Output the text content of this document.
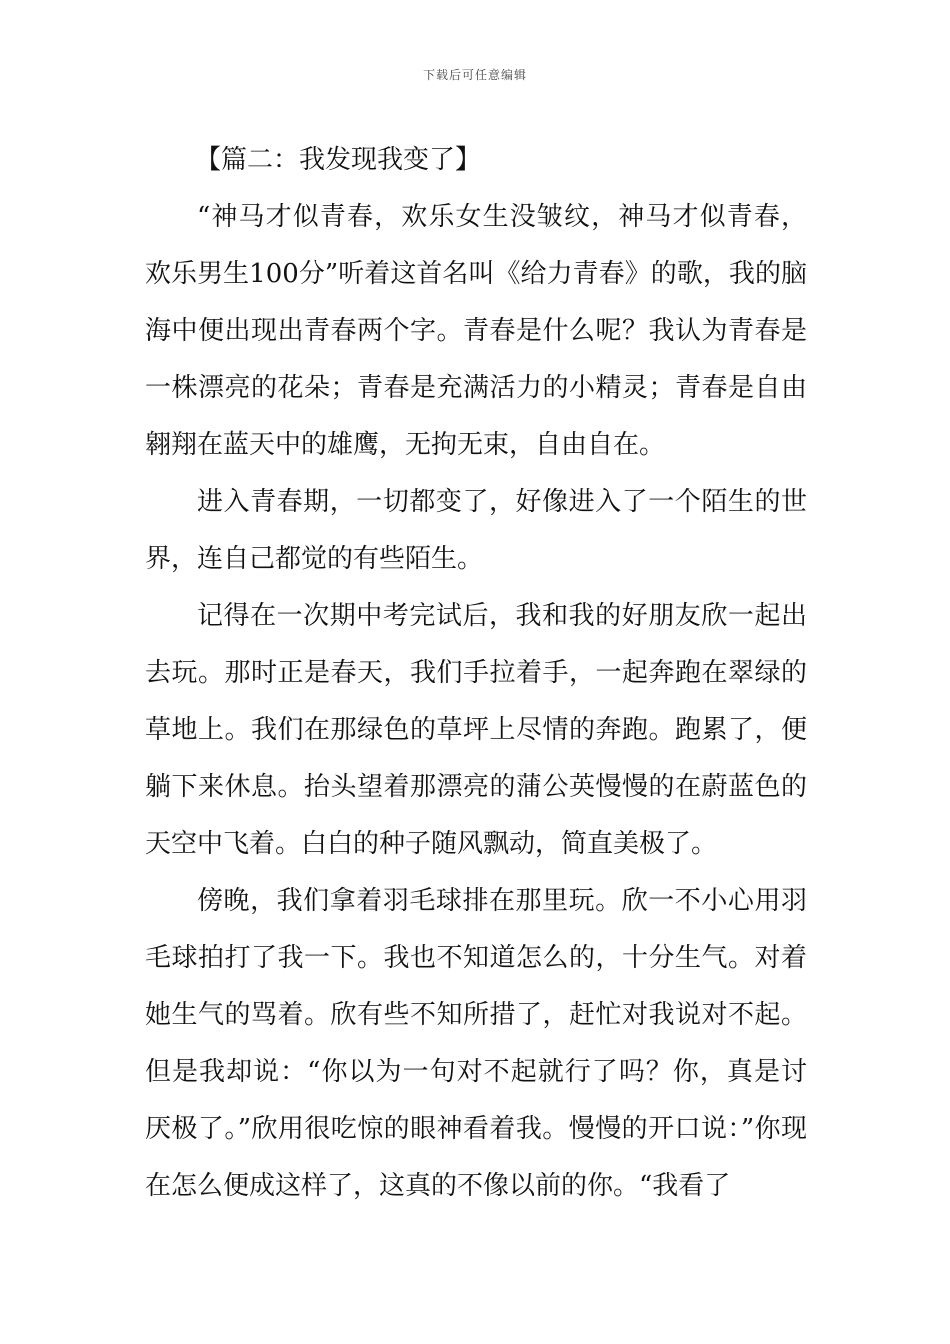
下载后可任意编辑
【篇二：我发现我变了】

“神马才似青春，欢乐女生没皱纹，神马才似青春，欢乐男生100分”听着这首名叫《给力青春》的歌，我的脑海中便出现出青春两个字。青春是什么呢？我认为青春是一株漂亮的花朵；青春是充满活力的小精灵；青春是自由翱翔在蓝天中的雄鹰，无拘无束，自由自在。

进入青春期，一切都变了，好像进入了一个陌生的世界，连自己都觉的有些陌生。

记得在一次期中考完试后，我和我的好朋友欣一起出去玩。那时正是春天，我们手拉着手，一起奔跑在翠绿的草地上。我们在那绿色的草坪上尽情的奔跑。跑累了，便躺下来休息。抬头望着那漂亮的蒲公英慢慢的在蔚蓝色的天空中飞着。白白的种子随风飘动，简直美极了。

傍晚，我们拿着羽毛球排在那里玩。欣一不小心用羽毛球拍打了我一下。我也不知道怎么的，十分生气。对着她生气的骂着。欣有些不知所措了，赶忙对我说对不起。但是我却说：“你以为一句对不起就行了吗？你，真是讨厌极了。”欣用很吃惊的眼神看着我。慢慢的开口说：”你现在怎么便成这样了，这真的不像以前的你。“我看了
